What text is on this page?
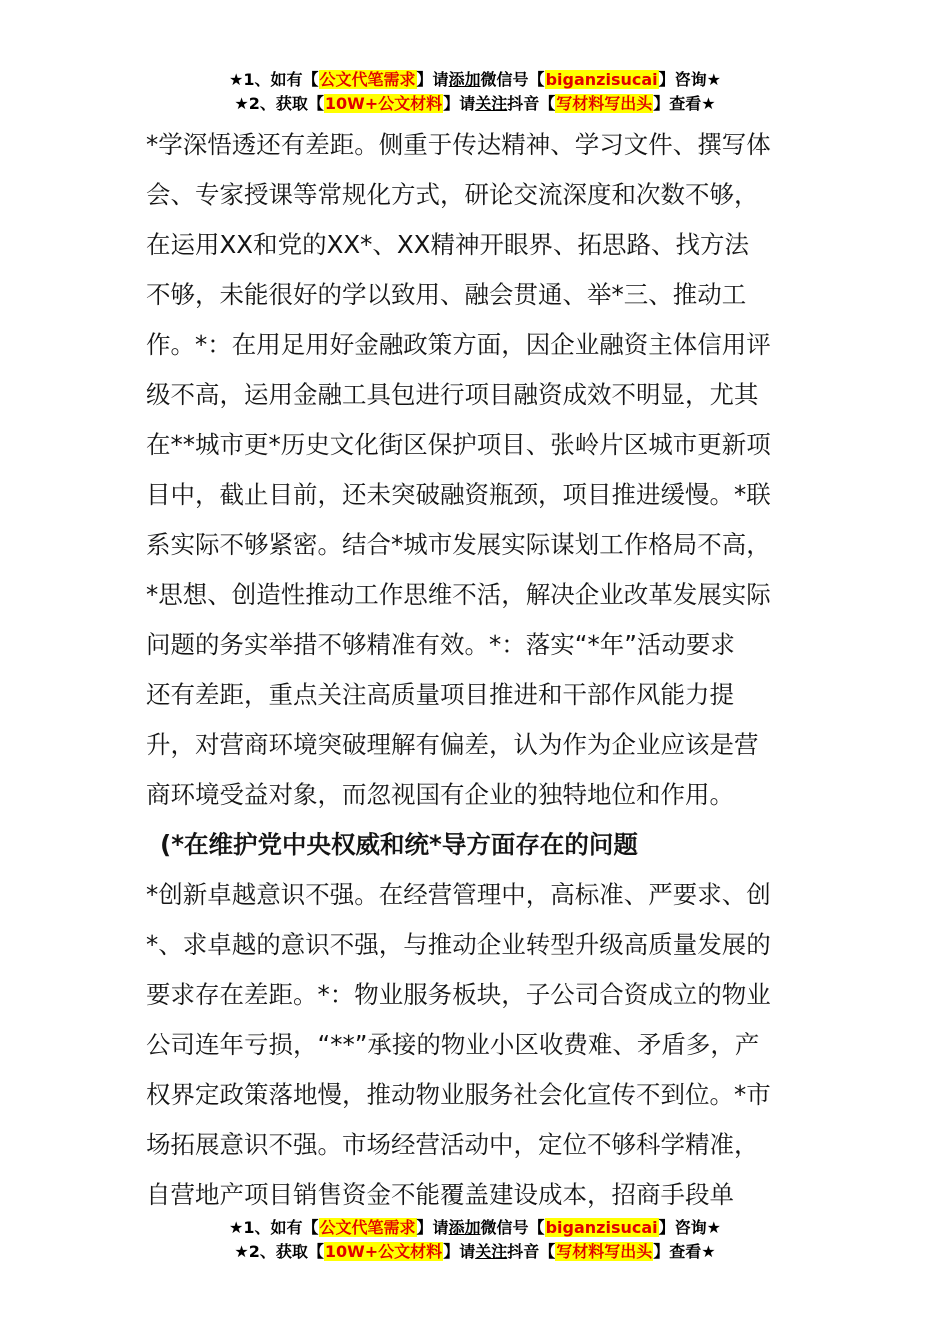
★1、如有【公文代笔需求】请添加微信号【biganzisucai】咨询★
★2、获取【10W+公文材料】请关注抖音【写材料写出头】查看★
*学深悟透还有差距。侧重于传达精神、学习文件、撰写体
会、专家授课等常规化方式，研论交流深度和次数不够，
在运用XX和党的XX*、XX精神开眼界、拓思路、找方法
不够，未能很好的学以致用、融会贯通、举*三、推动工
作。*：在用足用好金融政策方面，因企业融资主体信用评
级不高，运用金融工具包进行项目融资成效不明显，尤其
在**城市更*历史文化街区保护项目、张岭片区城市更新项
目中，截止目前，还未突破融资瓶颈，项目推进缓慢。*联
系实际不够紧密。结合*城市发展实际谋划工作格局不高，
*思想、创造性推动工作思维不活，解决企业改革发展实际
问题的务实举措不够精准有效。*：落实“*年”活动要求
还有差距，重点关注高质量项目推进和干部作风能力提
升，对营商环境突破理解有偏差，认为作为企业应该是营
商环境受益对象，而忽视国有企业的独特地位和作用。
(*在维护党中央权威和统*导方面存在的问题
*创新卓越意识不强。在经营管理中，高标准、严要求、创
*、求卓越的意识不强，与推动企业转型升级高质量发展的
要求存在差距。*：物业服务板块，子公司合资成立的物业
公司连年亏损，“**”承接的物业小区收费难、矛盾多，产
权界定政策落地慢，推动物业服务社会化宣传不到位。*市
场拓展意识不强。市场经营活动中，定位不够科学精准，
自营地产项目销售资金不能覆盖建设成本，招商手段单
★1、如有【公文代笔需求】请添加微信号【biganzisucai】咨询★
★2、获取【10W+公文材料】请关注抖音【写材料写出头】查看★
